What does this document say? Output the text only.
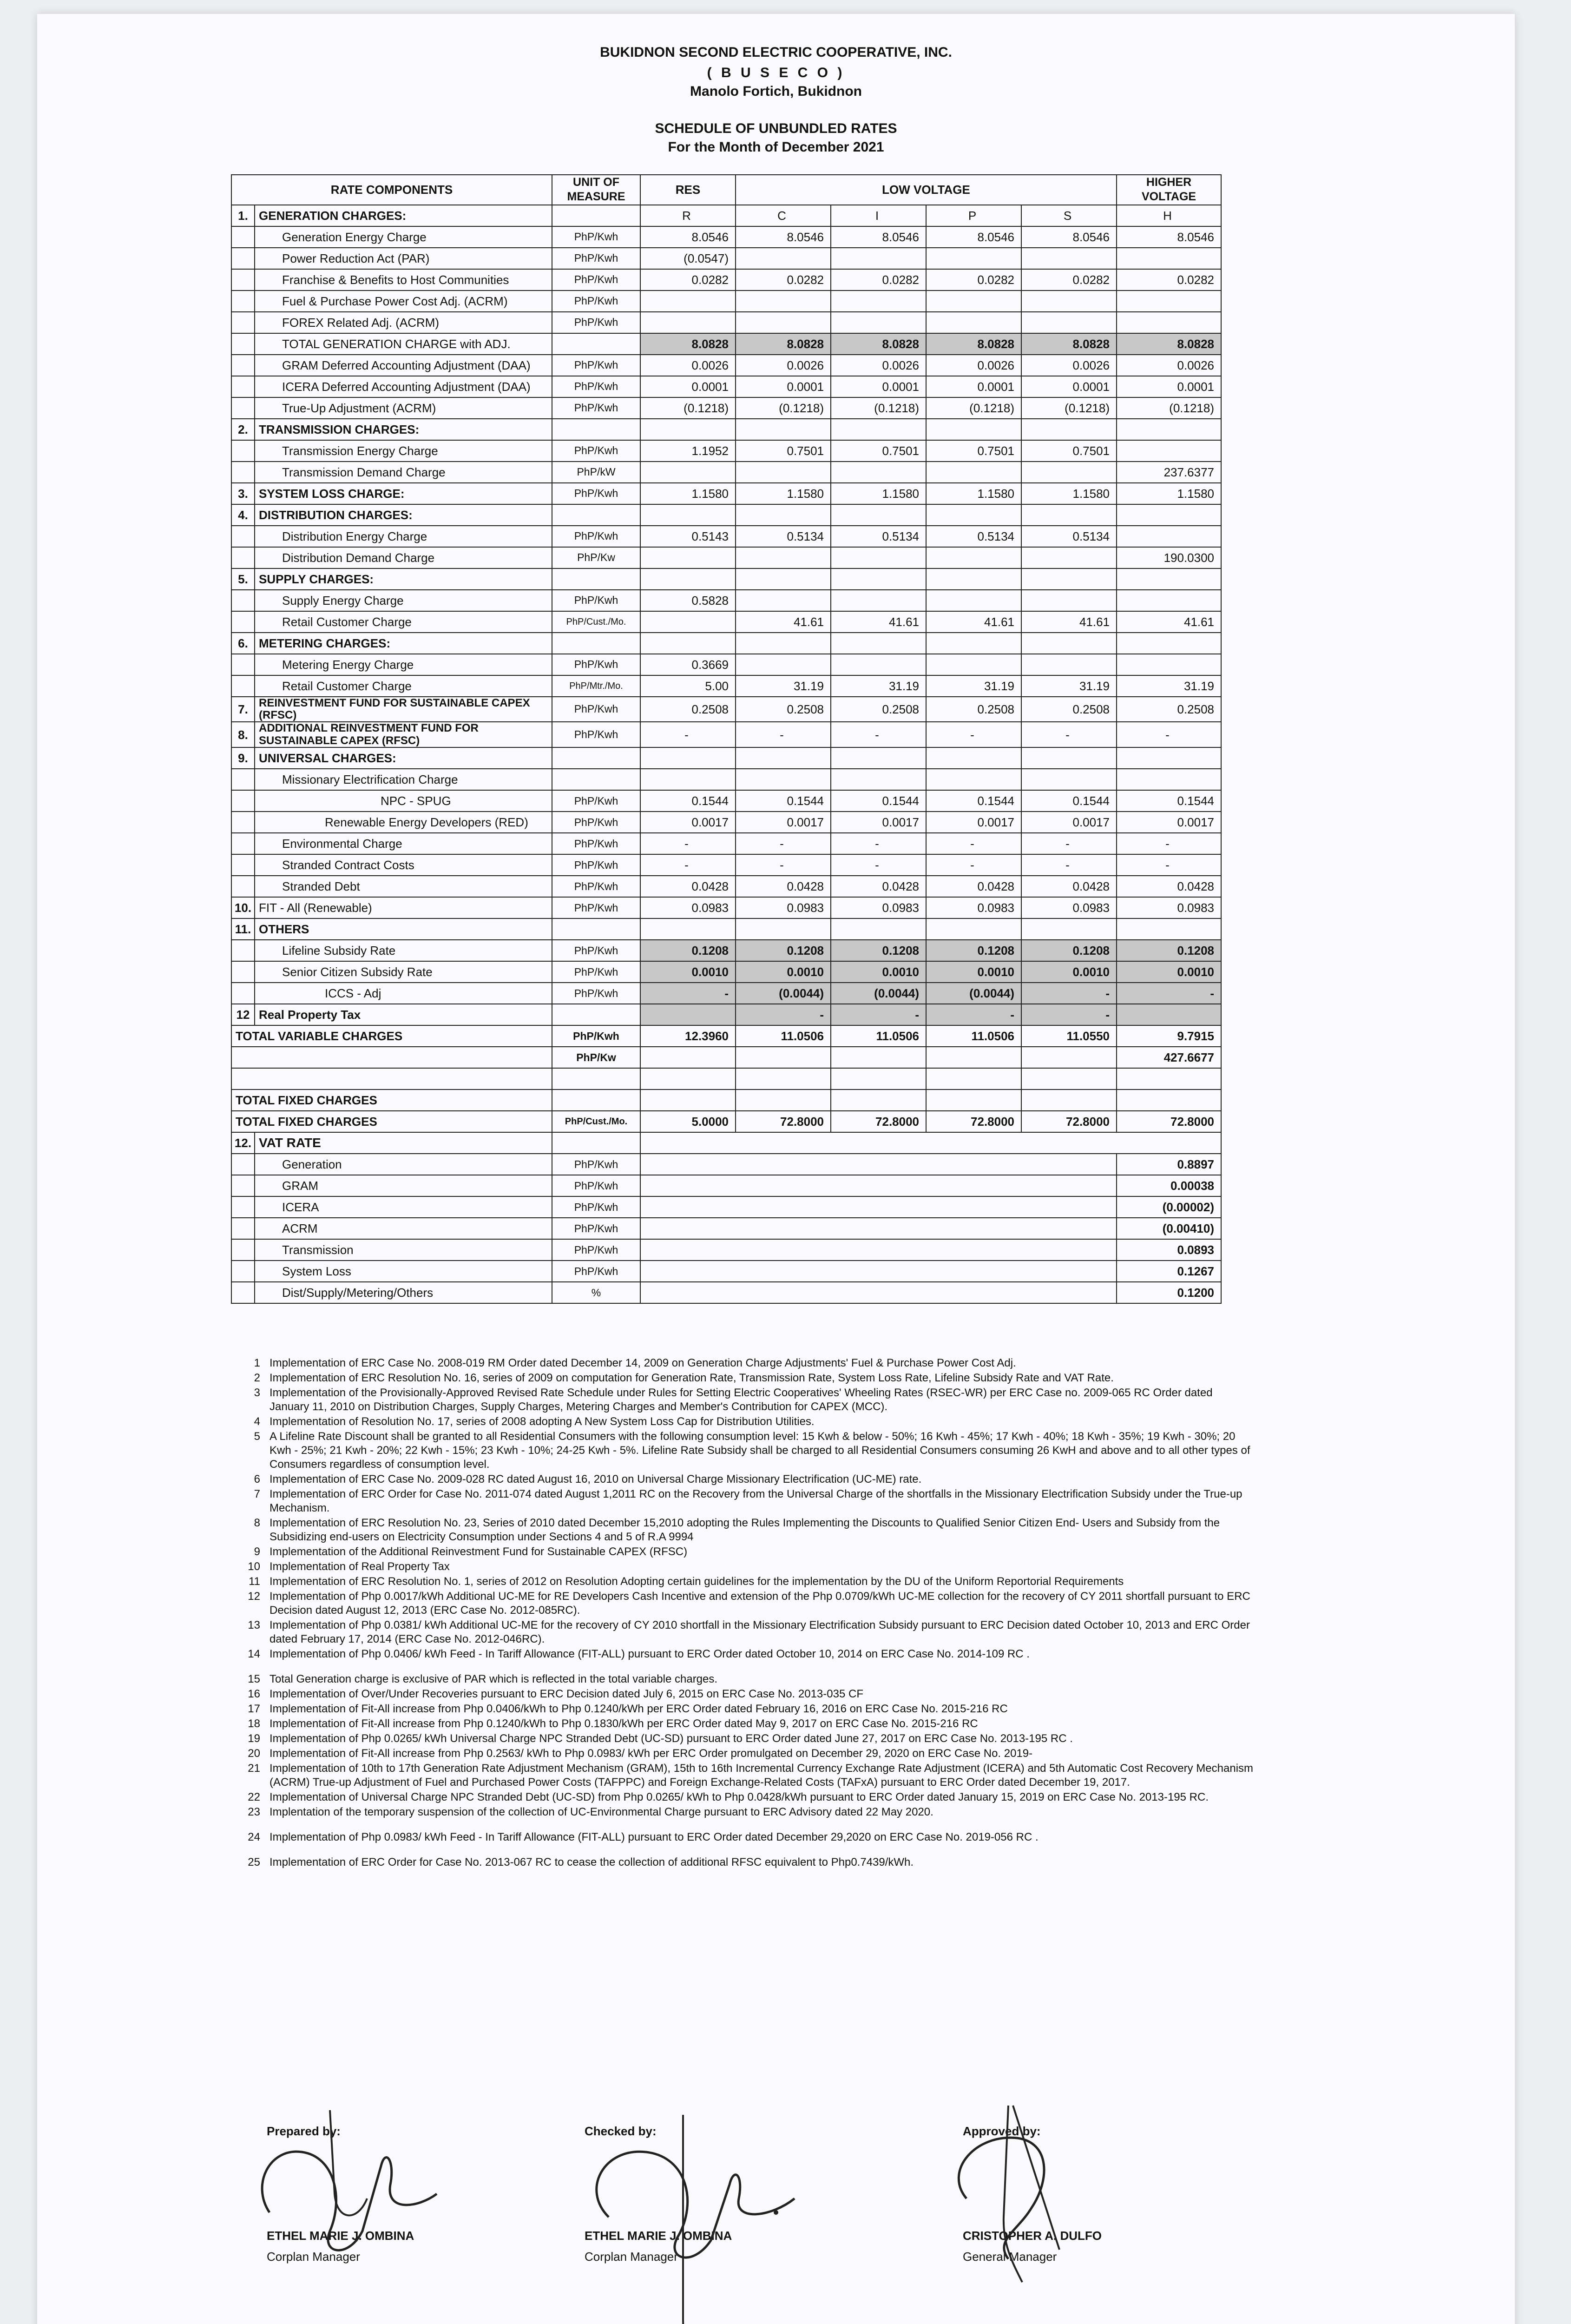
BUKIDNON SECOND ELECTRIC COOPERATIVE, INC.
( B U S E C O )
Manolo Fortich, Bukidnon
SCHEDULE OF UNBUNDLED RATES
For the Month of December 2021
RATE COMPONENTS		UNIT OF MEASURE	RES	LOW VOLTAGE				HIGHER VOLTAGE
1.	GENERATION CHARGES:		R	C	I	P	S	H
	Generation Energy Charge	PhP/Kwh	8.0546	8.0546	8.0546	8.0546	8.0546	8.0546
	Power Reduction Act (PAR)	PhP/Kwh	(0.0547)					
	Franchise & Benefits to Host Communities	PhP/Kwh	0.0282	0.0282	0.0282	0.0282	0.0282	0.0282
	Fuel & Purchase Power Cost Adj. (ACRM)	PhP/Kwh						
	FOREX Related Adj. (ACRM)	PhP/Kwh						
	TOTAL GENERATION CHARGE with ADJ.		8.0828	8.0828	8.0828	8.0828	8.0828	8.0828
	GRAM Deferred Accounting Adjustment (DAA)	PhP/Kwh	0.0026	0.0026	0.0026	0.0026	0.0026	0.0026
	ICERA Deferred Accounting Adjustment (DAA)	PhP/Kwh	0.0001	0.0001	0.0001	0.0001	0.0001	0.0001
	True-Up Adjustment (ACRM)	PhP/Kwh	(0.1218)	(0.1218)	(0.1218)	(0.1218)	(0.1218)	(0.1218)
2.	TRANSMISSION CHARGES:							
	Transmission Energy Charge	PhP/Kwh	1.1952	0.7501	0.7501	0.7501	0.7501	
	Transmission Demand Charge	PhP/kW						237.6377
3.	SYSTEM LOSS CHARGE:	PhP/Kwh	1.1580	1.1580	1.1580	1.1580	1.1580	1.1580
4.	DISTRIBUTION CHARGES:							
	Distribution Energy Charge	PhP/Kwh	0.5143	0.5134	0.5134	0.5134	0.5134	
	Distribution Demand Charge	PhP/Kw						190.0300
5.	SUPPLY CHARGES:							
	Supply Energy Charge	PhP/Kwh	0.5828					
	Retail Customer Charge	PhP/Cust./Mo.		41.61	41.61	41.61	41.61	41.61
6.	METERING CHARGES:							
	Metering Energy Charge	PhP/Kwh	0.3669					
	Retail Customer Charge	PhP/Mtr./Mo.	5.00	31.19	31.19	31.19	31.19	31.19
7.	REINVESTMENT FUND FOR SUSTAINABLE CAPEX (RFSC)	PhP/Kwh	0.2508	0.2508	0.2508	0.2508	0.2508	0.2508
8.	ADDITIONAL REINVESTMENT FUND FOR SUSTAINABLE CAPEX (RFSC)	PhP/Kwh	-	-	-	-	-	-
9.	UNIVERSAL CHARGES:							
	Missionary Electrification Charge							
	NPC - SPUG	PhP/Kwh	0.1544	0.1544	0.1544	0.1544	0.1544	0.1544
	Renewable Energy Developers (RED)	PhP/Kwh	0.0017	0.0017	0.0017	0.0017	0.0017	0.0017
	Environmental Charge	PhP/Kwh	-	-	-	-	-	-
	Stranded Contract Costs	PhP/Kwh	-	-	-	-	-	-
	Stranded Debt	PhP/Kwh	0.0428	0.0428	0.0428	0.0428	0.0428	0.0428
10.	FIT - All (Renewable)	PhP/Kwh	0.0983	0.0983	0.0983	0.0983	0.0983	0.0983
11.	OTHERS							
	Lifeline Subsidy Rate	PhP/Kwh	0.1208	0.1208	0.1208	0.1208	0.1208	0.1208
	Senior Citizen Subsidy Rate	PhP/Kwh	0.0010	0.0010	0.0010	0.0010	0.0010	0.0010
	ICCS - Adj	PhP/Kwh	-	(0.0044)	(0.0044)	(0.0044)	-	-
12	Real Property Tax			-	-	-	-	
TOTAL VARIABLE CHARGES		PhP/Kwh	12.3960	11.0506	11.0506	11.0506	11.0550	9.7915
		PhP/Kw						427.6677

TOTAL FIXED CHARGES								
TOTAL FIXED CHARGES		PhP/Cust./Mo.	5.0000	72.8000	72.8000	72.8000	72.8000	72.8000
12.	VAT RATE							
	Generation	PhP/Kwh						0.8897
	GRAM	PhP/Kwh						0.00038
	ICERA	PhP/Kwh						(0.00002)
	ACRM	PhP/Kwh						(0.00410)
	Transmission	PhP/Kwh						0.0893
	System Loss	PhP/Kwh						0.1267
	Dist/Supply/Metering/Others	%						0.1200
1 Implementation of ERC Case No. 2008-019 RM Order dated December 14, 2009 on Generation Charge Adjustments' Fuel & Purchase Power Cost Adj.
2 Implementation of ERC Resolution No. 16, series of 2009 on computation for Generation Rate, Transmission Rate, System Loss Rate, Lifeline Subsidy Rate and VAT Rate.
3 Implementation of the Provisionally-Approved Revised Rate Schedule under Rules for Setting Electric Cooperatives' Wheeling Rates (RSEC-WR) per ERC Case no. 2009-065 RC Order dated January 11, 2010 on Distribution Charges, Supply Charges, Metering Charges and Member's Contribution for CAPEX (MCC).
4 Implementation of Resolution No. 17, series of 2008 adopting A New System Loss Cap for Distribution Utilities.
5 A Lifeline Rate Discount shall be granted to all Residential Consumers with the following consumption level: 15 Kwh & below - 50%; 16 Kwh - 45%; 17 Kwh - 40%; 18 Kwh - 35%; 19 Kwh - 30%; 20 Kwh - 25%; 21 Kwh - 20%; 22 Kwh - 15%; 23 Kwh - 10%; 24-25 Kwh - 5%. Lifeline Rate Subsidy shall be charged to all Residential Consumers consuming 26 KwH and above and to all other types of Consumers regardless of consumption level.
6 Implementation of ERC Case No. 2009-028 RC dated August 16, 2010 on Universal Charge Missionary Electrification (UC-ME) rate.
7 Implementation of ERC Order for Case No. 2011-074 dated August 1,2011 RC on the Recovery from the Universal Charge of the shortfalls in the Missionary Electrification Subsidy under the True-up Mechanism.
8 Implementation of ERC Resolution No. 23, Series of 2010 dated December 15,2010 adopting the Rules Implementing the Discounts to Qualified Senior Citizen End- Users and Subsidy from the Subsidizing end-users on Electricity Consumption under Sections 4 and 5 of R.A 9994
9 Implementation of the Additional Reinvestment Fund for Sustainable CAPEX (RFSC)
10 Implementation of Real Property Tax
11 Implementation of ERC Resolution No. 1, series of 2012 on Resolution Adopting certain guidelines for the implementation by the DU of the Uniform Reportorial Requirements
12 Implementation of Php 0.0017/kWh Additional UC-ME for RE Developers Cash Incentive and extension of the Php 0.0709/kWh UC-ME collection for the recovery of CY 2011 shortfall pursuant to ERC Decision dated August 12, 2013 (ERC Case No. 2012-085RC).
13 Implementation of Php 0.0381/ kWh Additional UC-ME for the recovery of CY 2010 shortfall in the Missionary Electrification Subsidy pursuant to ERC Decision dated October 10, 2013 and ERC Order dated February 17, 2014 (ERC Case No. 2012-046RC).
14 Implementation of Php 0.0406/ kWh Feed - In Tariff Allowance (FIT-ALL) pursuant to ERC Order dated October 10, 2014 on ERC Case No. 2014-109 RC .
15 Total Generation charge is exclusive of PAR which is reflected in the total variable charges.
16 Implementation of Over/Under Recoveries pursuant to ERC Decision dated July 6, 2015 on ERC Case No. 2013-035 CF
17 Implementation of Fit-All increase from Php 0.0406/kWh to Php 0.1240/kWh per ERC Order dated February 16, 2016 on ERC Case No. 2015-216 RC
18 Implementation of Fit-All increase from Php 0.1240/kWh to Php 0.1830/kWh per ERC Order dated May 9, 2017 on ERC Case No. 2015-216 RC
19 Implementation of Php 0.0265/ kWh Universal Charge NPC Stranded Debt (UC-SD) pursuant to ERC Order dated June 27, 2017 on ERC Case No. 2013-195 RC .
20 Implementation of Fit-All increase from Php 0.2563/ kWh to Php 0.0983/ kWh per ERC Order promulgated on December 29, 2020 on ERC Case No. 2019-
21 Implementation of 10th to 17th Generation Rate Adjustment Mechanism (GRAM), 15th to 16th Incremental Currency Exchange Rate Adjustment (ICERA) and 5th Automatic Cost Recovery Mechanism (ACRM) True-up Adjustment of Fuel and Purchased Power Costs (TAFPPC) and Foreign Exchange-Related Costs (TAFxA) pursuant to ERC Order dated December 19, 2017.
22 Implementation of Universal Charge NPC Stranded Debt (UC-SD) from Php 0.0265/ kWh to Php 0.0428/kWh pursuant to ERC Order dated January 15, 2019 on ERC Case No. 2013-195 RC.
23 Implentation of the temporary suspension of the collection of UC-Environmental Charge pursuant to ERC Advisory dated 22 May 2020.
24 Implementation of Php 0.0983/ kWh Feed - In Tariff Allowance (FIT-ALL) pursuant to ERC Order dated December 29,2020 on ERC Case No. 2019-056 RC .
25 Implementation of ERC Order for Case No. 2013-067 RC to cease the collection of additional RFSC equivalent to Php0.7439/kWh.
Prepared by:
ETHEL MARIE J. OMBINA
Corplan Manager
Checked by:
ETHEL MARIE J. OMBINA
Corplan Manager
Approved by:
CRISTOPHER A. DULFO
General Manager
